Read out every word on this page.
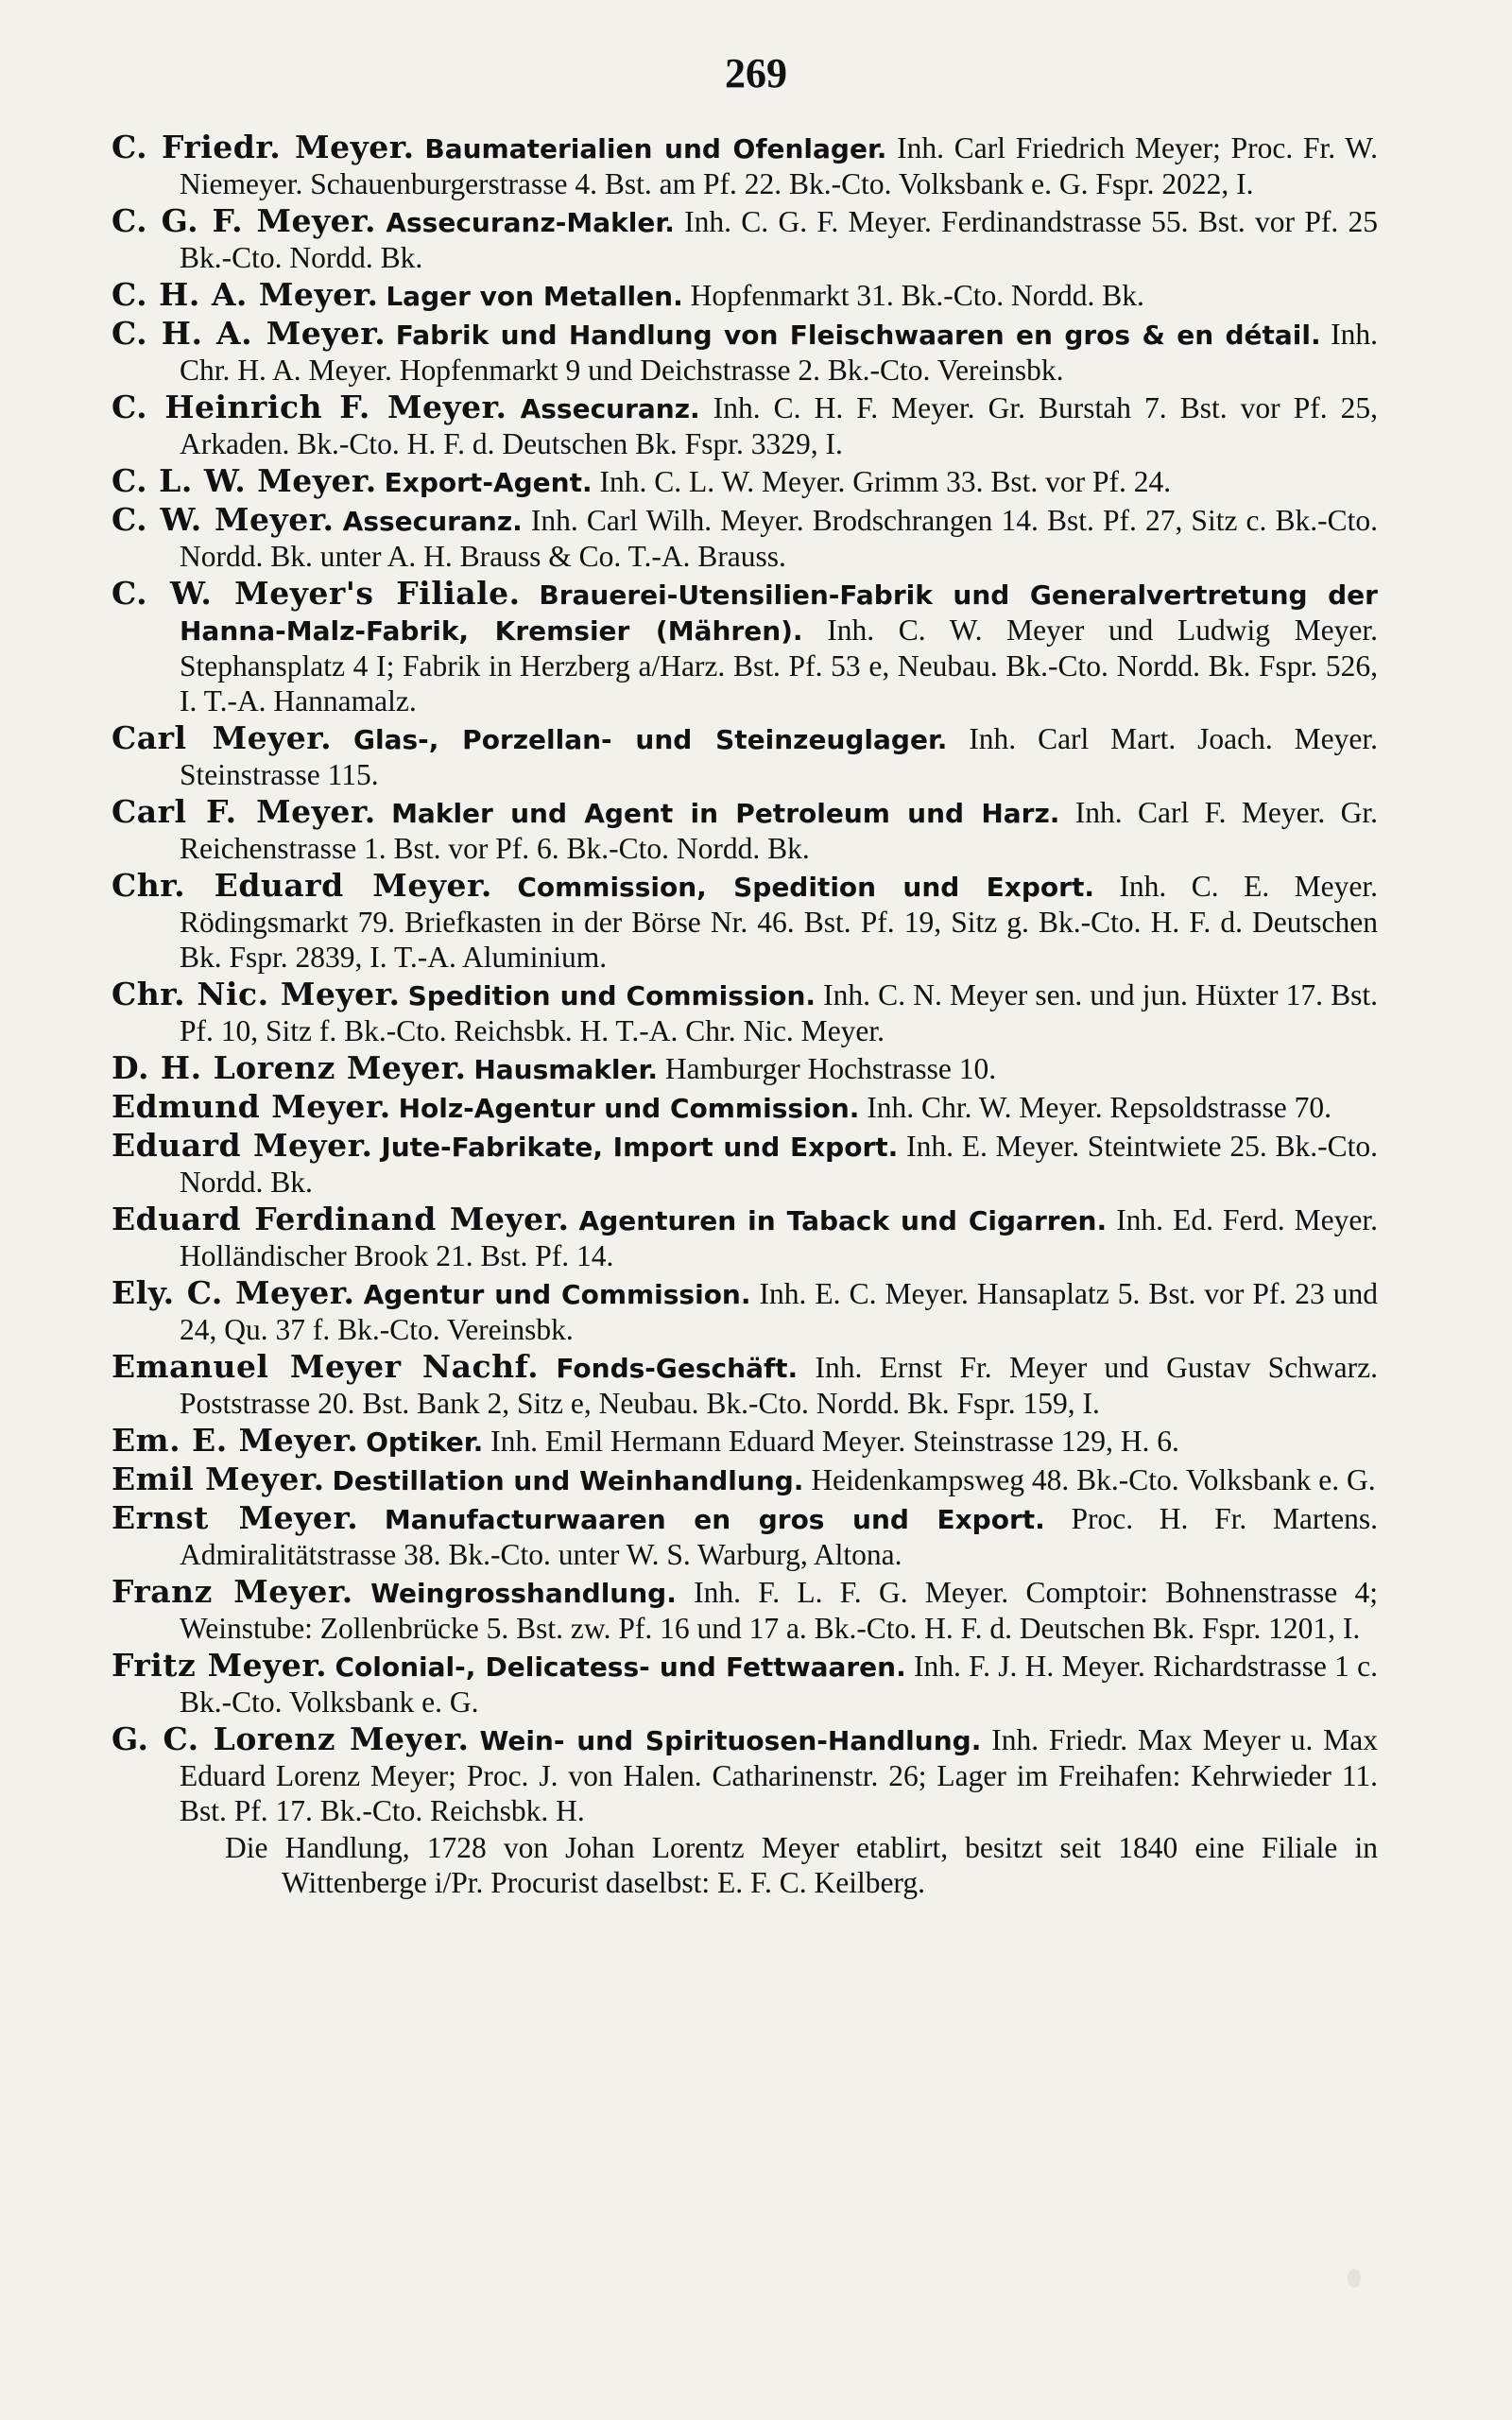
269
C. Friedr. Meyer. Baumaterialien und Ofenlager. Inh. Carl Friedrich Meyer; Proc. Fr. W. Niemeyer. Schauenburgerstrasse 4. Bst. am Pf. 22. Bk.-Cto. Volksbank e. G. Fspr. 2022, I.
C. G. F. Meyer. Assecuranz-Makler. Inh. C. G. F. Meyer. Ferdinandstrasse 55. Bst. vor Pf. 25 Bk.-Cto. Nordd. Bk.
C. H. A. Meyer. Lager von Metallen. Hopfenmarkt 31. Bk.-Cto. Nordd. Bk.
C. H. A. Meyer. Fabrik und Handlung von Fleischwaaren en gros & en détail. Inh. Chr. H. A. Meyer. Hopfenmarkt 9 und Deichstrasse 2. Bk.-Cto. Vereinsbk.
C. Heinrich F. Meyer. Assecuranz. Inh. C. H. F. Meyer. Gr. Burstah 7. Bst. vor Pf. 25, Arkaden. Bk.-Cto. H. F. d. Deutschen Bk. Fspr. 3329, I.
C. L. W. Meyer. Export-Agent. Inh. C. L. W. Meyer. Grimm 33. Bst. vor Pf. 24.
C. W. Meyer. Assecuranz. Inh. Carl Wilh. Meyer. Brodschrangen 14. Bst. Pf. 27, Sitz c. Bk.-Cto. Nordd. Bk. unter A. H. Brauss & Co. T.-A. Brauss.
C. W. Meyer's Filiale. Brauerei-Utensilien-Fabrik und Generalvertretung der Hanna-Malz-Fabrik, Kremsier (Mähren). Inh. C. W. Meyer und Ludwig Meyer. Stephansplatz 4 I; Fabrik in Herzberg a/Harz. Bst. Pf. 53 e, Neubau. Bk.-Cto. Nordd. Bk. Fspr. 526, I. T.-A. Hannamalz.
Carl Meyer. Glas-, Porzellan- und Steinzeuglager. Inh. Carl Mart. Joach. Meyer. Steinstrasse 115.
Carl F. Meyer. Makler und Agent in Petroleum und Harz. Inh. Carl F. Meyer. Gr. Reichenstrasse 1. Bst. vor Pf. 6. Bk.-Cto. Nordd. Bk.
Chr. Eduard Meyer. Commission, Spedition und Export. Inh. C. E. Meyer. Rödingsmarkt 79. Briefkasten in der Börse Nr. 46. Bst. Pf. 19, Sitz g. Bk.-Cto. H. F. d. Deutschen Bk. Fspr. 2839, I. T.-A. Aluminium.
Chr. Nic. Meyer. Spedition und Commission. Inh. C. N. Meyer sen. und jun. Hüxter 17. Bst. Pf. 10, Sitz f. Bk.-Cto. Reichsbk. H. T.-A. Chr. Nic. Meyer.
D. H. Lorenz Meyer. Hausmakler. Hamburger Hochstrasse 10.
Edmund Meyer. Holz-Agentur und Commission. Inh. Chr. W. Meyer. Repsoldstrasse 70.
Eduard Meyer. Jute-Fabrikate, Import und Export. Inh. E. Meyer. Steintwiete 25. Bk.-Cto. Nordd. Bk.
Eduard Ferdinand Meyer. Agenturen in Taback und Cigarren. Inh. Ed. Ferd. Meyer. Holländischer Brook 21. Bst. Pf. 14.
Ely. C. Meyer. Agentur und Commission. Inh. E. C. Meyer. Hansaplatz 5. Bst. vor Pf. 23 und 24, Qu. 37 f. Bk.-Cto. Vereinsbk.
Emanuel Meyer Nachf. Fonds-Geschäft. Inh. Ernst Fr. Meyer und Gustav Schwarz. Poststrasse 20. Bst. Bank 2, Sitz e, Neubau. Bk.-Cto. Nordd. Bk. Fspr. 159, I.
Em. E. Meyer. Optiker. Inh. Emil Hermann Eduard Meyer. Steinstrasse 129, H. 6.
Emil Meyer. Destillation und Weinhandlung. Heidenkampsweg 48. Bk.-Cto. Volksbank e. G.
Ernst Meyer. Manufacturwaaren en gros und Export. Proc. H. Fr. Martens. Admiralitätstrasse 38. Bk.-Cto. unter W. S. Warburg, Altona.
Franz Meyer. Weingrosshandlung. Inh. F. L. F. G. Meyer. Comptoir: Bohnenstrasse 4; Weinstube: Zollenbrücke 5. Bst. zw. Pf. 16 und 17 a. Bk.-Cto. H. F. d. Deutschen Bk. Fspr. 1201, I.
Fritz Meyer. Colonial-, Delicatess- und Fettwaaren. Inh. F. J. H. Meyer. Richardstrasse 1 c. Bk.-Cto. Volksbank e. G.
G. C. Lorenz Meyer. Wein- und Spirituosen-Handlung. Inh. Friedr. Max Meyer u. Max Eduard Lorenz Meyer; Proc. J. von Halen. Catharinenstr. 26; Lager im Freihafen: Kehrwieder 11. Bst. Pf. 17. Bk.-Cto. Reichsbk. H.
Die Handlung, 1728 von Johan Lorentz Meyer etablirt, besitzt seit 1840 eine Filiale in Wittenberge i/Pr. Procurist daselbst: E. F. C. Keilberg.
